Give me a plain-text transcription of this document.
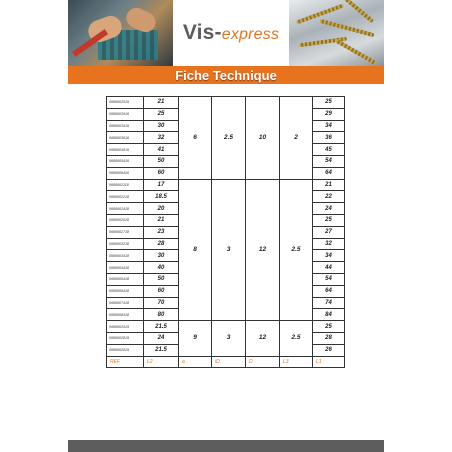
Vis-express
Fiche Technique
0686602516	21	6	2.5	10	2	25
0686602916	25					29
0686603416	30					34
0686603616	32					36
0686604516	41					45
0686605416	50					54
0686606416	60					64
0686602118	17	8	3	12	2.5	21
0686602218	18.5					22
0686602418	20					24
0686602518	21					25
0686602718	23					27
0686603218	28					32
0686603418	30					34
0686604418	40					44
0686605418	50					54
0686606418	60					64
0686607418	70					74
0686608418	80					84
0686602519	21.5	9	3	12	2.5	25
0686602819	24					28
0686602619	21.5					26
REF	L2	a	iD	D	L3	L1
